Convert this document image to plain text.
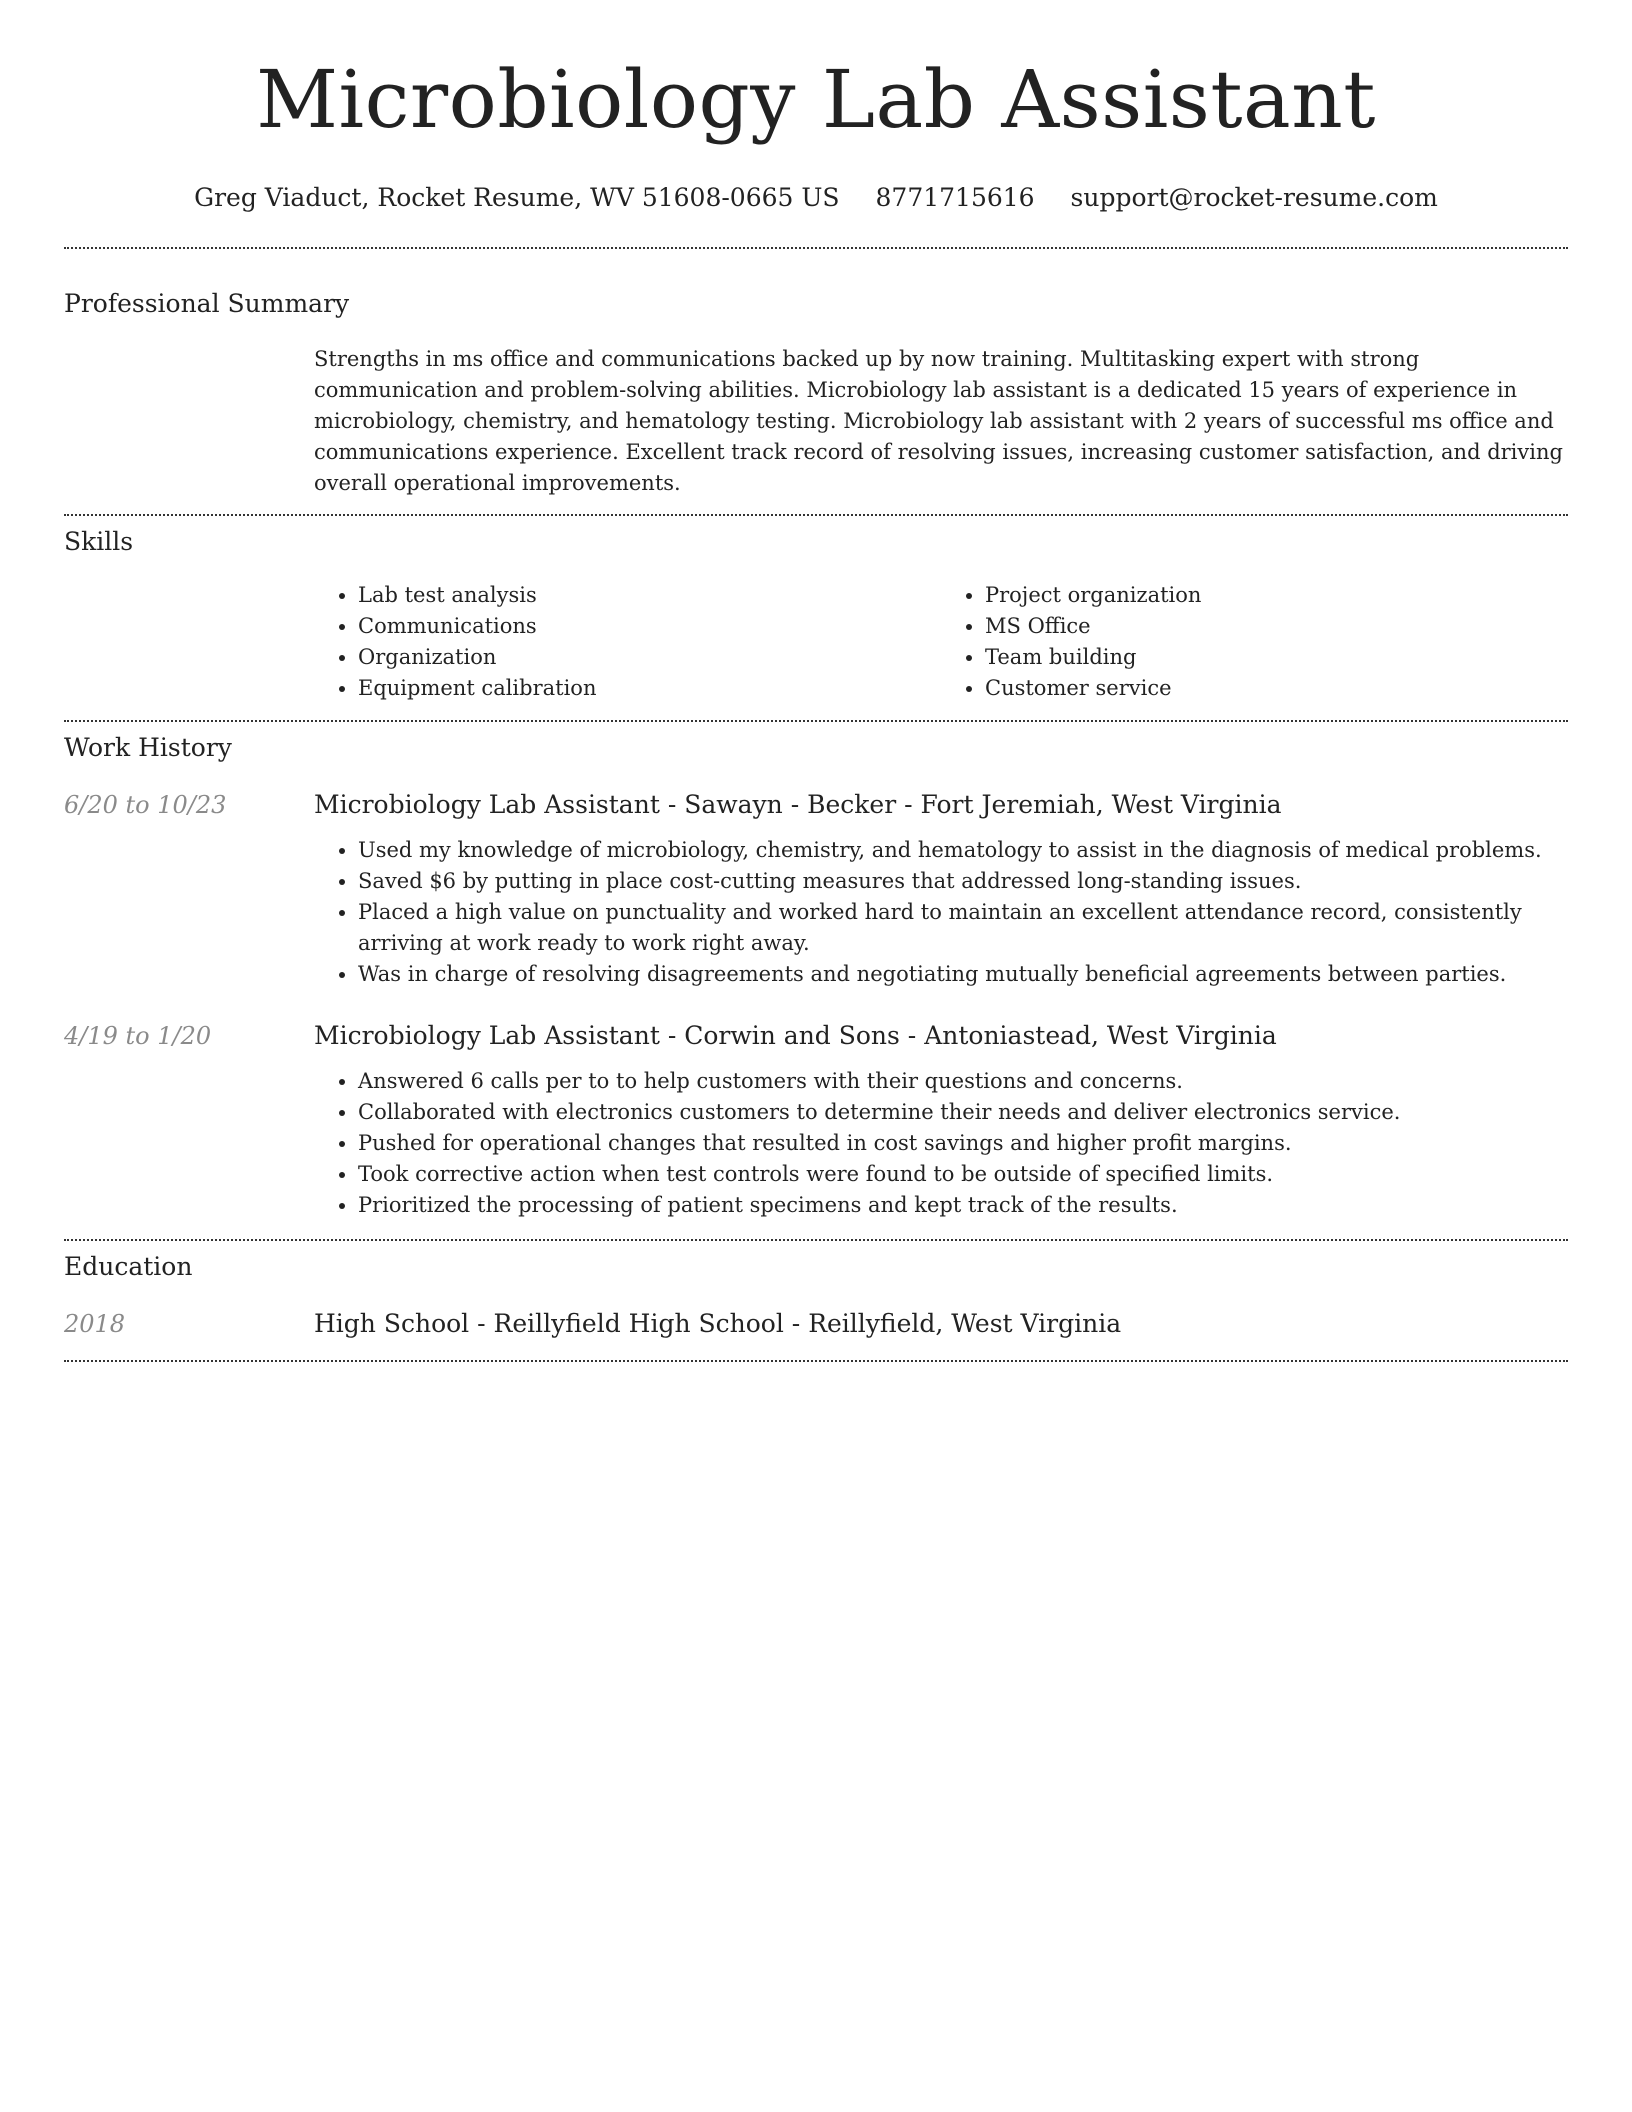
Microbiology Lab Assistant
Greg Viaduct, Rocket Resume, WV 51608-0665 US 8771715616 support@rocket-resume.com
Professional Summary
Strengths in ms office and communications backed up by now training. Multitasking expert with strong communication and problem-solving abilities. Microbiology lab assistant is a dedicated 15 years of experience in microbiology, chemistry, and hematology testing. Microbiology lab assistant with 2 years of successful ms office and communications experience. Excellent track record of resolving issues, increasing customer satisfaction, and driving overall operational improvements.
Skills
• Lab test analysis
• Communications
• Organization
• Equipment calibration
• Project organization
• MS Office
• Team building
• Customer service
Work History
6/20 to 10/23	Microbiology Lab Assistant - Sawayn - Becker - Fort Jeremiah, West Virginia
• Used my knowledge of microbiology, chemistry, and hematology to assist in the diagnosis of medical problems.
• Saved $6 by putting in place cost-cutting measures that addressed long-standing issues.
• Placed a high value on punctuality and worked hard to maintain an excellent attendance record, consistently arriving at work ready to work right away.
• Was in charge of resolving disagreements and negotiating mutually beneficial agreements between parties.
4/19 to 1/20	Microbiology Lab Assistant - Corwin and Sons - Antoniastead, West Virginia
• Answered 6 calls per to to help customers with their questions and concerns.
• Collaborated with electronics customers to determine their needs and deliver electronics service.
• Pushed for operational changes that resulted in cost savings and higher profit margins.
• Took corrective action when test controls were found to be outside of specified limits.
• Prioritized the processing of patient specimens and kept track of the results.
Education
2018	High School - Reillyfield High School - Reillyfield, West Virginia
